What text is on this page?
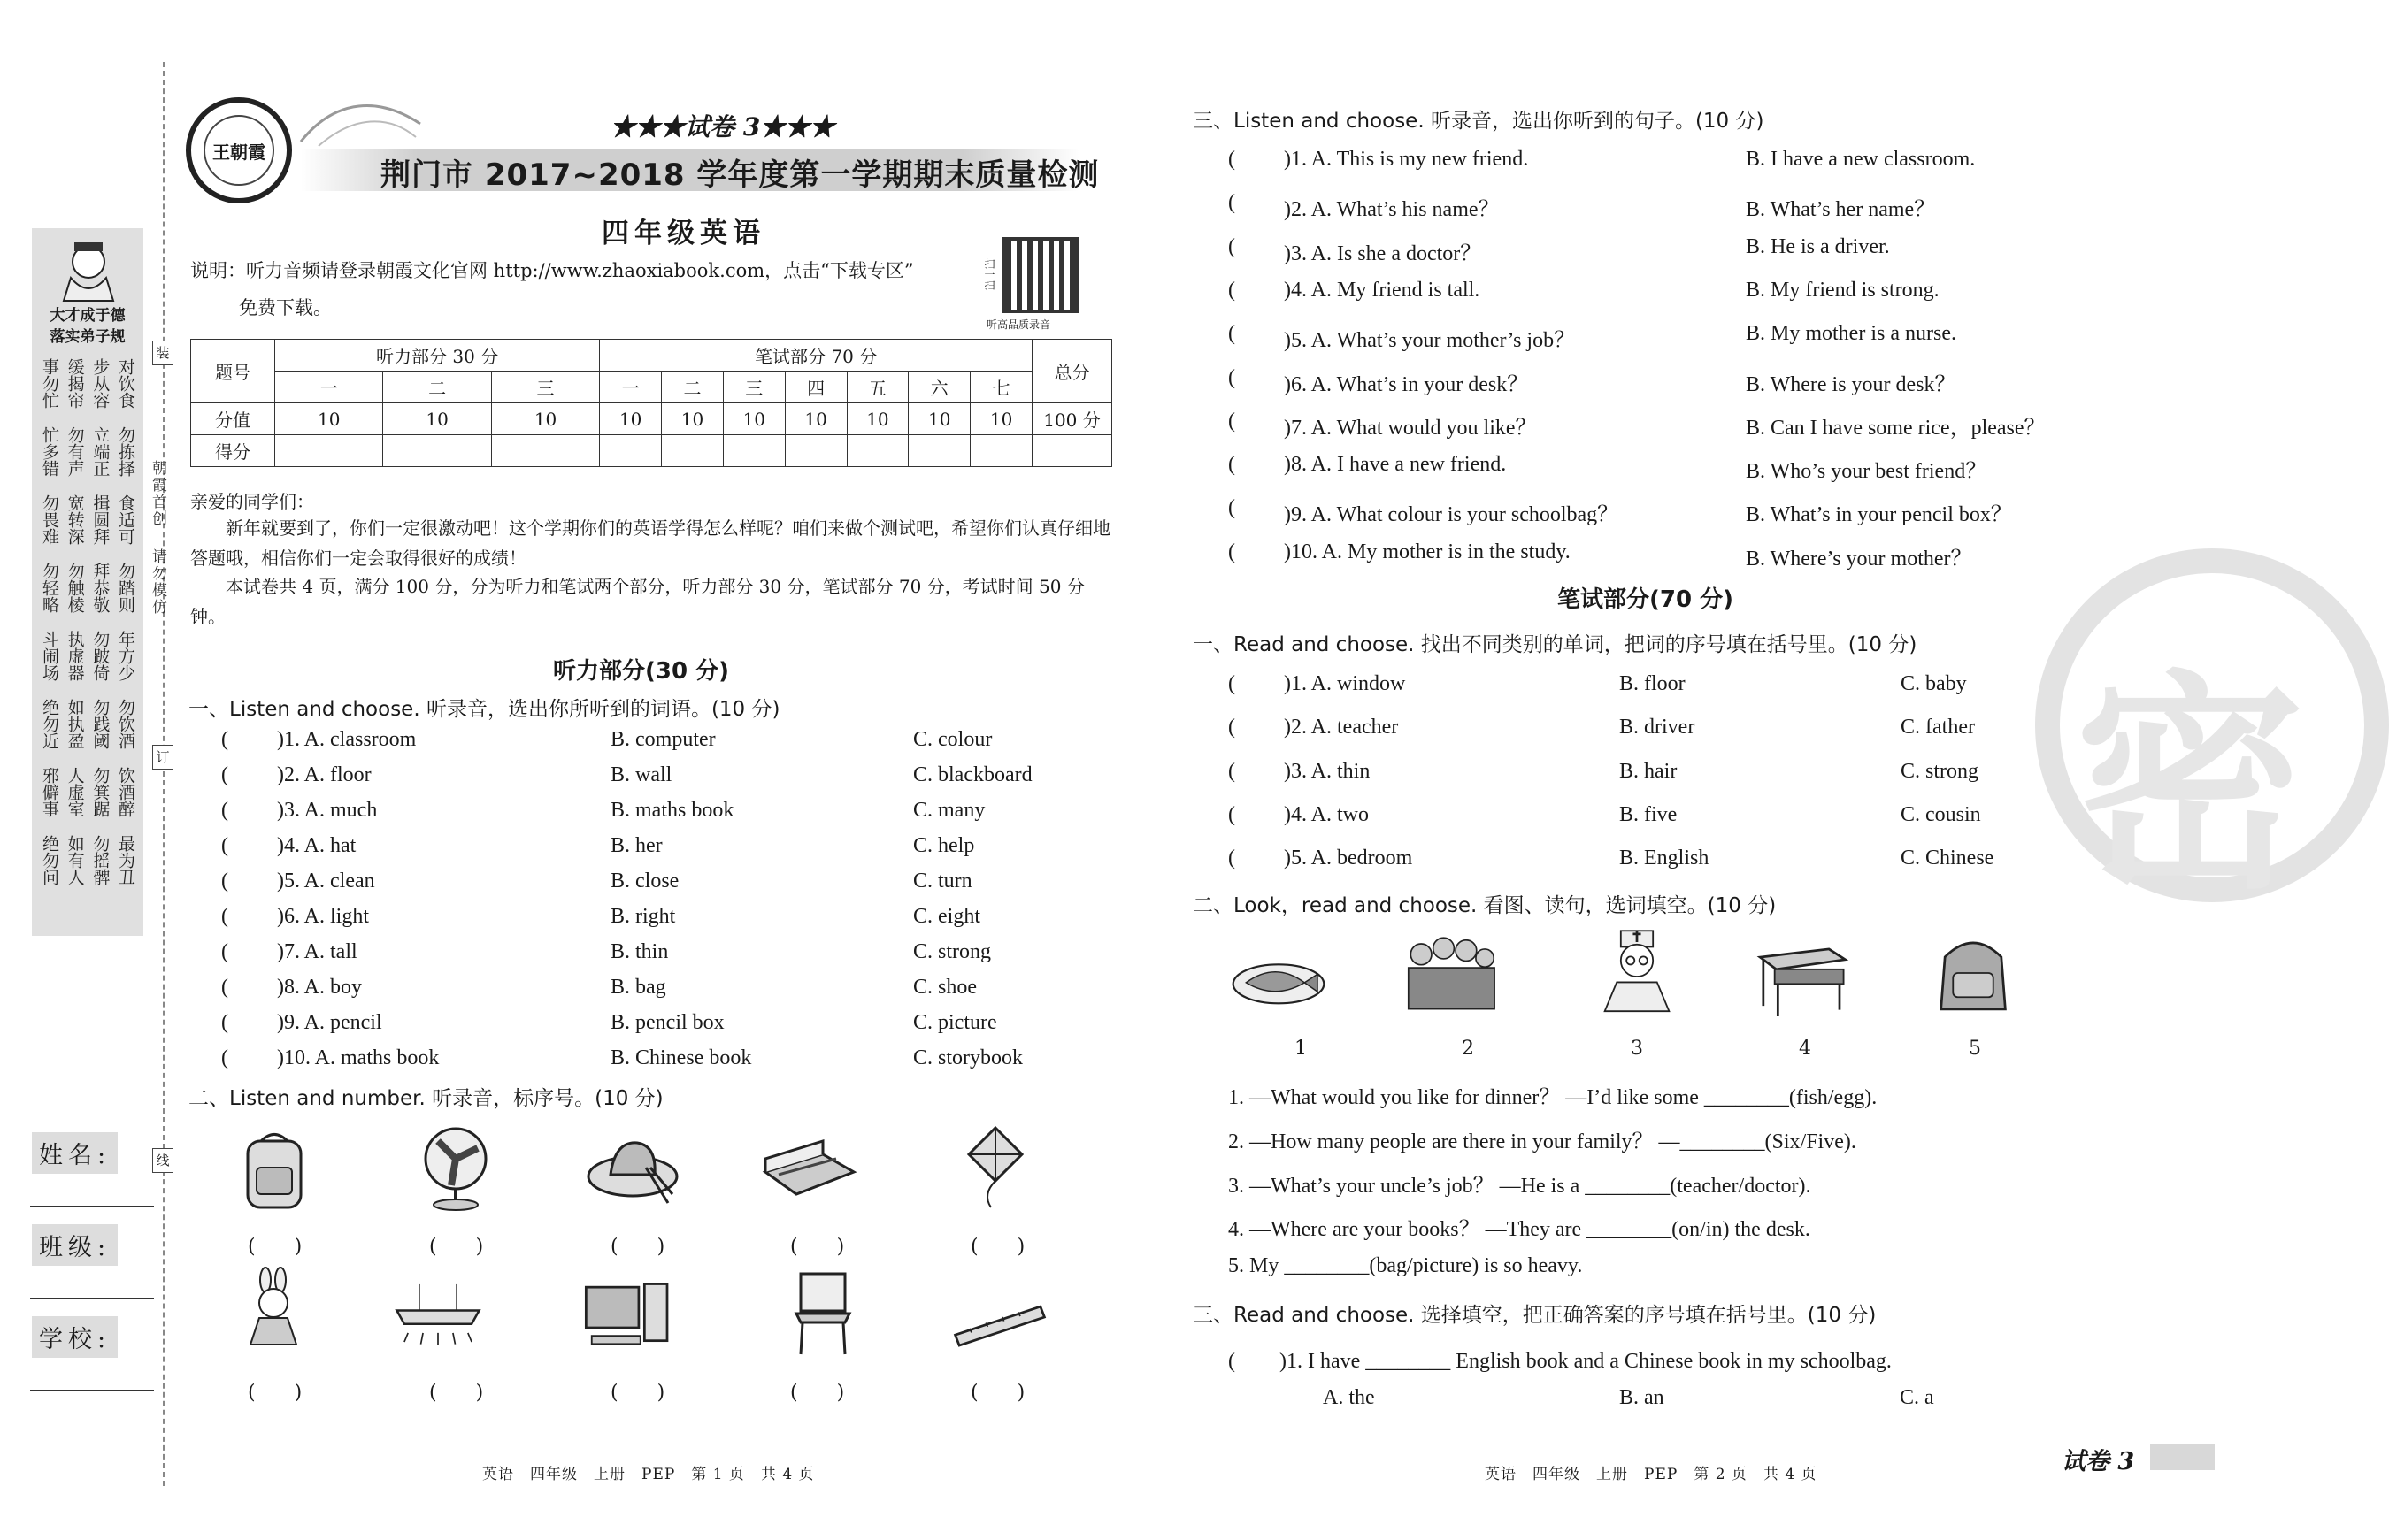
大才成于德
落实弟子规
事勿忙 缓揭帘 步从容 对饮食
忙多错 勿有声 立端正 勿拣择
勿畏难 宽转深 揖圆拜 食适可
勿轻略 勿触棱 拜恭敬 勿踏则
斗闹场 执虚器 勿跛倚 年方少
绝勿近 如执盈 勿践阈 勿饮酒
邪僻事 人虚室 勿箕踞 饮酒醉
绝勿问 如有人 勿摇髀 最为丑
装
朝霞首创
请勿模仿
订
线
姓名:
班级:
学校:
王朝霞
★★★试卷 3★★★
荆门市 2017~2018 学年度第一学期期末质量检测
四年级英语
说明：听力音频请登录朝霞文化官网 http://www.zhaoxiabook.com，点击“下载专区”
免费下载。
扫一扫
听高品质录音
题号	听力部分 30 分			笔试部分 70 分							总分
	一	二	三	一	二	三	四	五	六	七	
分值	10	10	10	10	10	10	10	10	10	10	100 分
得分											
亲爱的同学们：
新年就要到了，你们一定很激动吧！这个学期你们的英语学得怎么样呢？咱们来做个测试吧，希望你们认真仔细地答题哦，相信你们一定会取得很好的成绩！
本试卷共 4 页，满分 100 分，分为听力和笔试两个部分，听力部分 30 分，笔试部分 70 分，考试时间 50 分钟。
听力部分(30 分)
一、Listen and choose. 听录音，选出你所听到的词语。(10 分)
二、Listen and number. 听录音，标序号。(10 分)
(　　)	(　　)	(　　)	(　　)	(　　)
(　　)	(　　)	(　　)	(　　)	(　　)
英语　四年级　上册　PEP　第 1 页　共 4 页
密
三、Listen and choose. 听录音，选出你听到的句子。(10 分)
笔试部分(70 分)
一、Read and choose. 找出不同类别的单词，把词的序号填在括号里。(10 分)
二、Look，read and choose. 看图、读句，选词填空。(10 分)
1	2	3	4	5
1. —What would you like for dinner？ —I’d like some ________(fish/egg).
2. —How many people are there in your family？ —________(Six/Five).
3. —What’s your uncle’s job？ —He is a ________(teacher/doctor).
4. —Where are your books？ —They are ________(on/in) the desk.
5. My ________(bag/picture) is so heavy.
三、Read and choose. 选择填空，把正确答案的序号填在括号里。(10 分)
(　　)1. I have ________ English book and a Chinese book in my schoolbag.
A. the	B. an	C. a
英语　四年级　上册　PEP　第 2 页　共 4 页	试卷 3
( )1. A. classroom	B. computer	C. colour
( )2. A. floor	B. wall	C. blackboard
( )3. A. much	B. maths book	C. many
( )4. A. hat	B. her	C. help
( )5. A. clean	B. close	C. turn
( )6. A. light	B. right	C. eight
( )7. A. tall	B. thin	C. strong
( )8. A. boy	B. bag	C. shoe
( )9. A. pencil	B. pencil box	C. picture
( )10. A. maths book	B. Chinese book	C. storybook
( )1. A. This is my new friend.	B. I have a new classroom.
( )2. A. What’s his name？	B. What’s her name？
( )3. A. Is she a doctor？	B. He is a driver.
( )4. A. My friend is tall.	B. My friend is strong.
( )5. A. What’s your mother’s job？	B. My mother is a nurse.
( )6. A. What’s in your desk？	B. Where is your desk？
( )7. A. What would you like？	B. Can I have some rice，please？
( )8. A. I have a new friend.	B. Who’s your best friend？
( )9. A. What colour is your schoolbag？	B. What’s in your pencil box？
( )10. A. My mother is in the study.	B. Where’s your mother？
( )1. A. window	B. floor	C. baby
( )2. A. teacher	B. driver	C. father
( )3. A. thin	B. hair	C. strong
( )4. A. two	B. five	C. cousin
( )5. A. bedroom	B. English	C. Chinese
